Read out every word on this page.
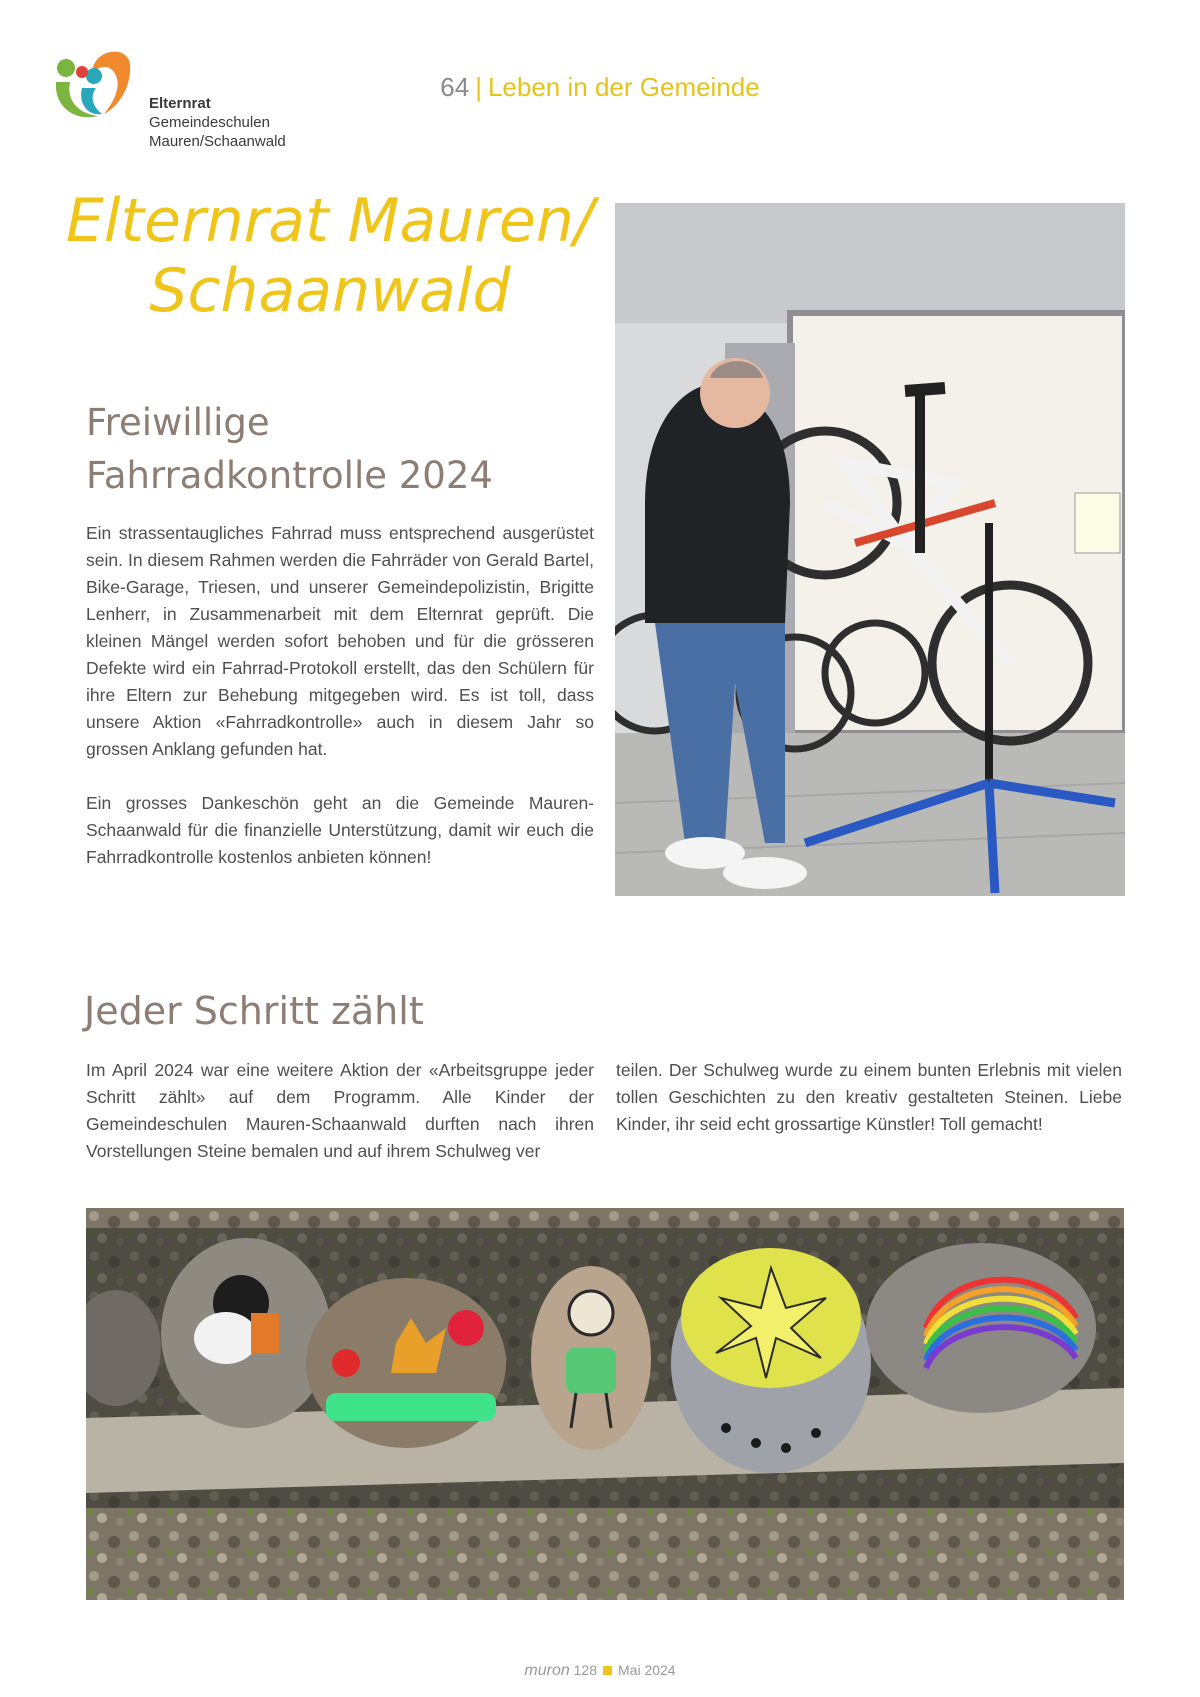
Elternrat
Gemeindeschulen
Mauren/Schaanwald
64 | Leben in der Gemeinde
Elternrat Mauren/
Schaanwald
Freiwillige
Fahrradkontrolle 2024
Ein strassentaugliches Fahrrad muss entsprechend ausgerüstet sein. In diesem Rahmen werden die Fahrräder von Gerald Bartel, Bike-Garage, Triesen, und unserer Gemeindepolizistin, Brigitte Lenherr, in Zusammenarbeit mit dem Elternrat geprüft. Die kleinen Mängel werden sofort behoben und für die grösseren Defekte wird ein Fahrrad-Protokoll erstellt, das den Schülern für ihre Eltern zur Behebung mitgegeben wird. Es ist toll, dass unsere Aktion «Fahrradkontrolle» auch in diesem Jahr so grossen Anklang gefunden hat.
Ein grosses Dankeschön geht an die Gemeinde Mauren-Schaanwald für die finanzielle Unterstützung, damit wir euch die Fahrradkontrolle kostenlos anbieten können!
Jeder Schritt zählt
Im April 2024 war eine weitere Aktion der «Arbeitsgruppe jeder Schritt zählt» auf dem Programm. Alle Kinder der Gemeindeschulen Mauren-Schaanwald durften nach ihren Vorstellungen Steine bemalen und auf ihrem Schulweg ver
teilen. Der Schulweg wurde zu einem bunten Erlebnis mit vielen tollen Geschichten zu den kreativ gestalteten Steinen. Liebe Kinder, ihr seid echt grossartige Künstler! Toll gemacht!
muron 128 Mai 2024
